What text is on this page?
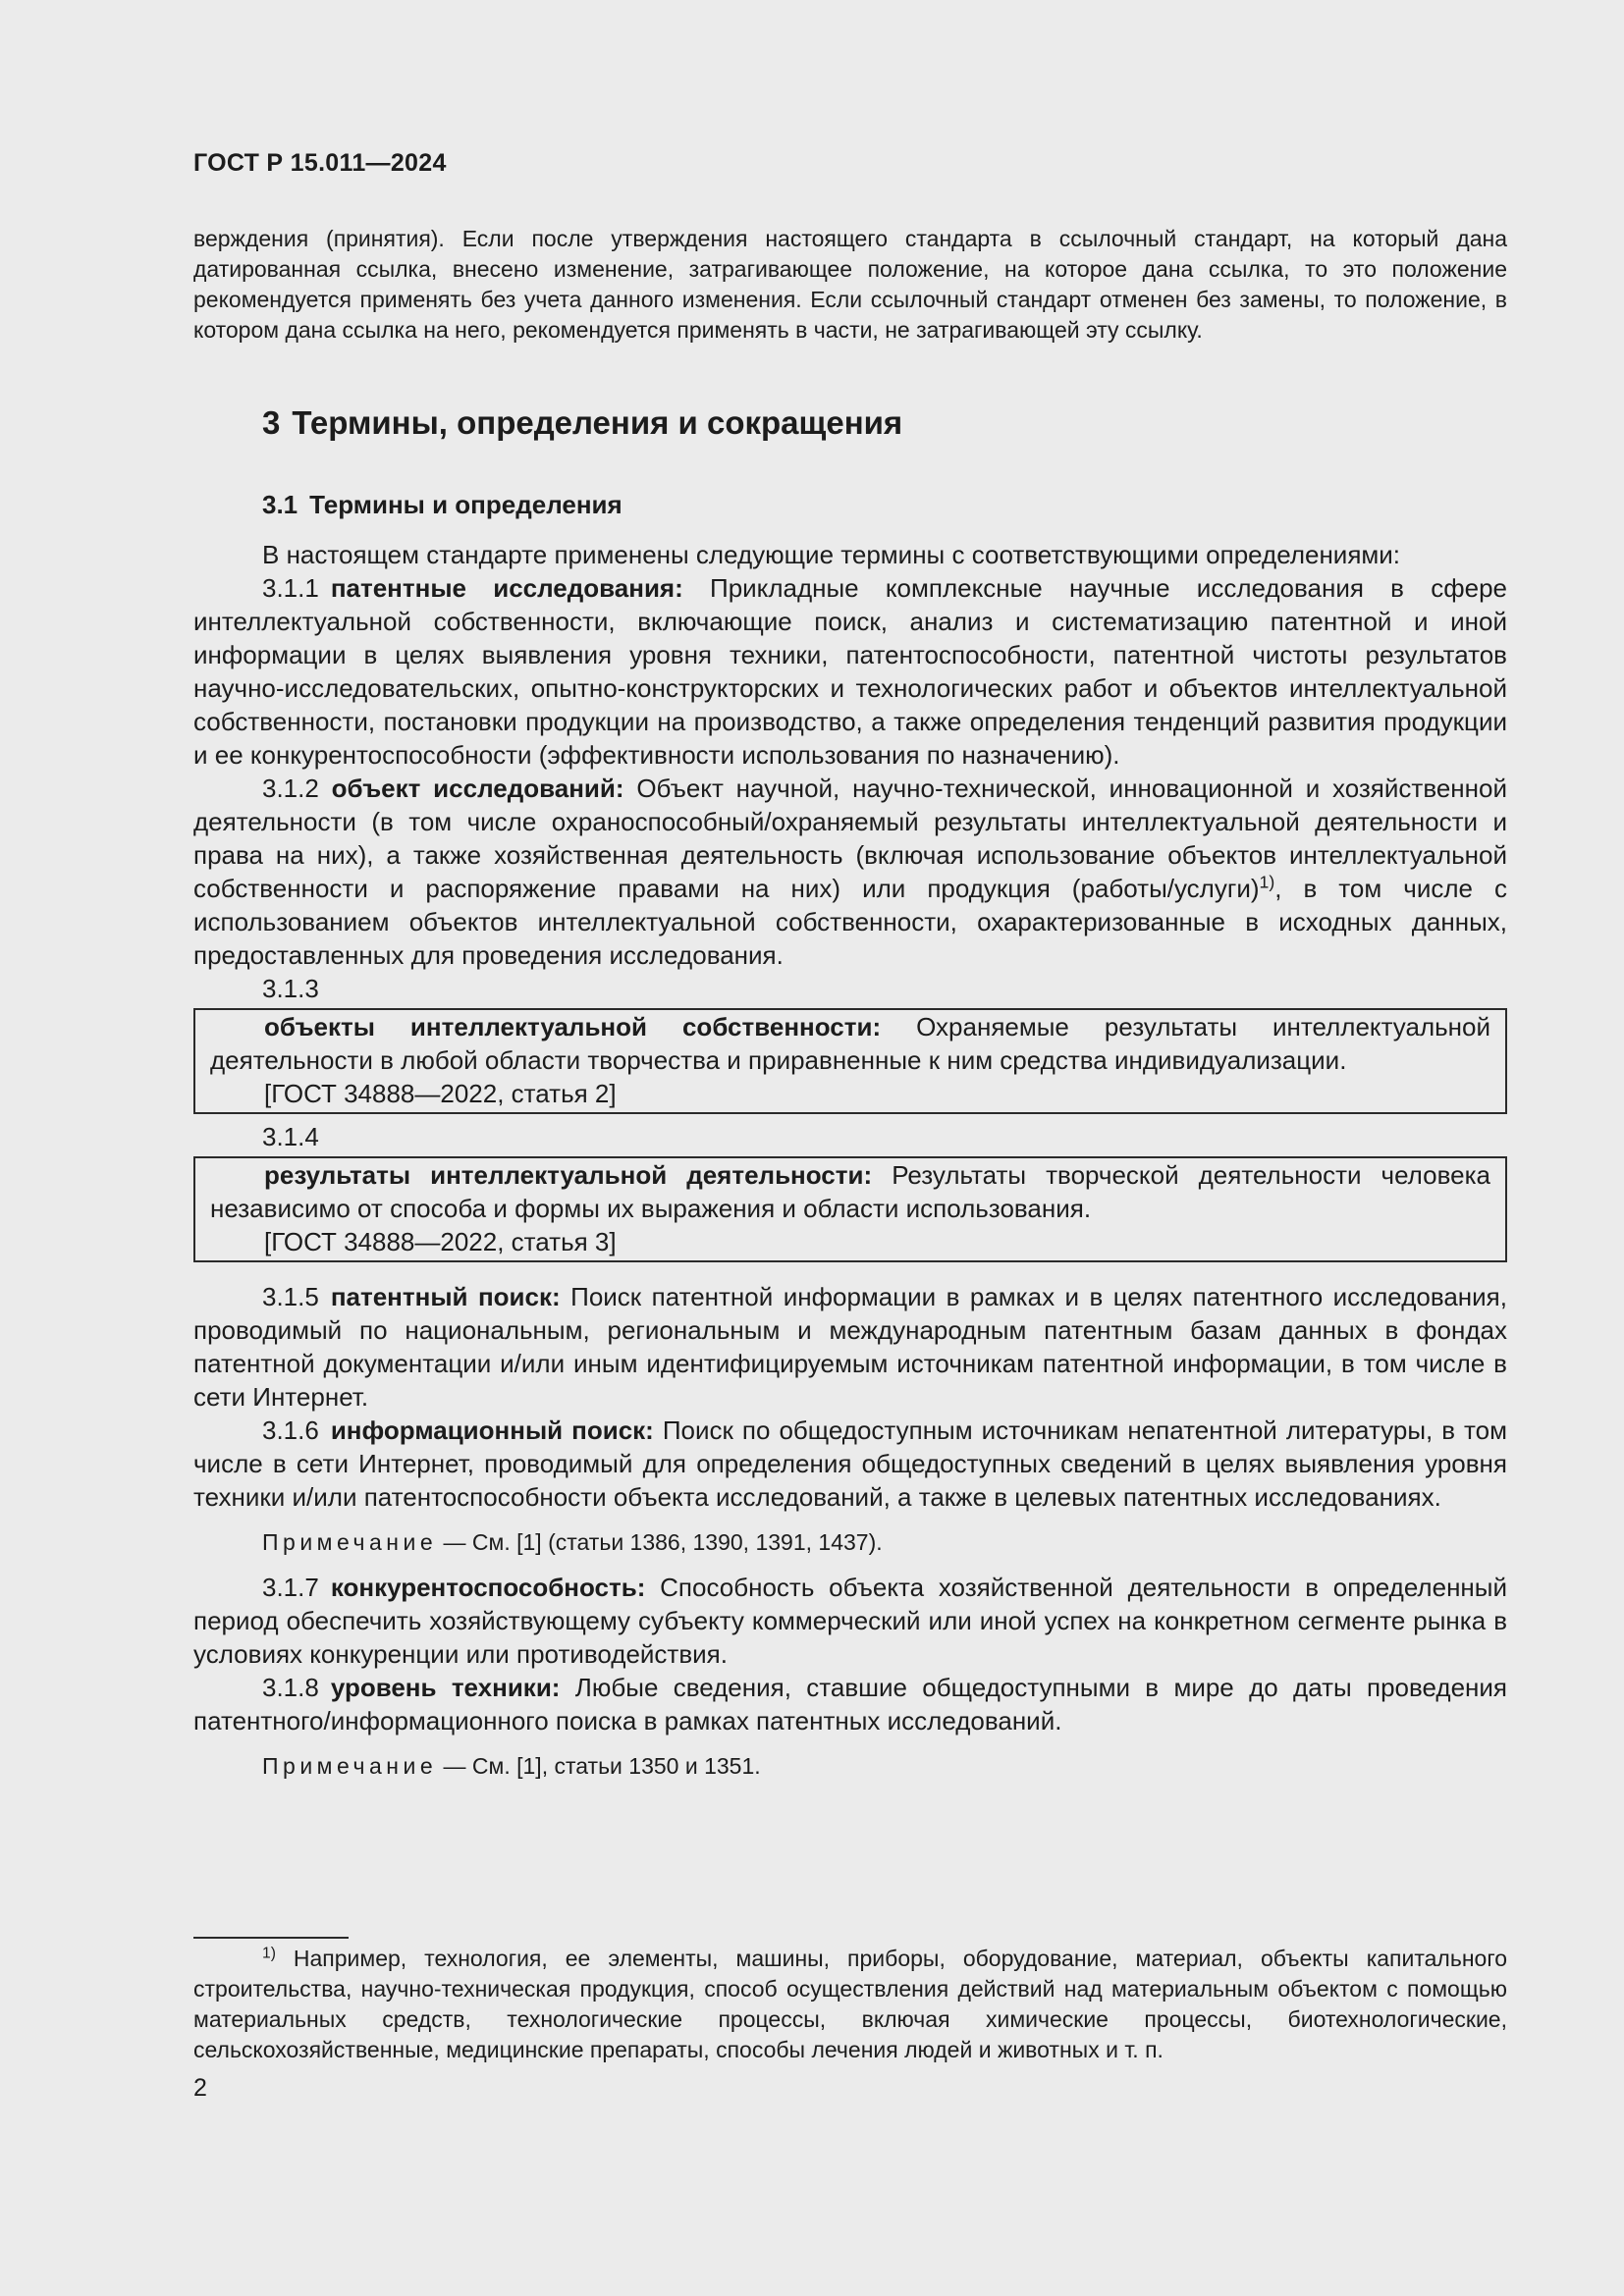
ГОСТ Р 15.011—2024

верждения (принятия). Если после утверждения настоящего стандарта в ссылочный стандарт, на который дана датированная ссылка, внесено изменение, затрагивающее положение, на которое дана ссылка, то это положение рекомендуется применять без учета данного изменения. Если ссылочный стандарт отменен без замены, то положение, в котором дана ссылка на него, рекомендуется применять в части, не затрагивающей эту ссылку.

3 Термины, определения и сокращения
3.1 Термины и определения

В настоящем стандарте применены следующие термины с соответствующими определениями:

3.1.1 патентные исследования: Прикладные комплексные научные исследования в сфере интеллектуальной собственности, включающие поиск, анализ и систематизацию патентной и иной информации в целях выявления уровня техники, патентоспособности, патентной чистоты результатов научно-исследовательских, опытно-конструкторских и технологических работ и объектов интеллектуальной собственности, постановки продукции на производство, а также определения тенденций развития продукции и ее конкурентоспособности (эффективности использования по назначению).

3.1.2 объект исследований: Объект научной, научно-технической, инновационной и хозяйственной деятельности (в том числе охраноспособный/охраняемый результаты интеллектуальной деятельности и права на них), а также хозяйственная деятельность (включая использование объектов интеллектуальной собственности и распоряжение правами на них) или продукция (работы/услуги)$^{1)}$, в том числе с использованием объектов интеллектуальной собственности, охарактеризованные в исходных данных, предоставленных для проведения исследования.

3.1.3

объекты интеллектуальной собственности: Охраняемые результаты интеллектуальной деятельности в любой области творчества и приравненные к ним средства индивидуализации.

[ГОСТ 34888—2022, статья 2]

3.1.4

результаты интеллектуальной деятельности: Результаты творческой деятельности человека независимо от способа и формы их выражения и области использования.

[ГОСТ 34888—2022, статья 3]

3.1.5 патентный поиск: Поиск патентной информации в рамках и в целях патентного исследования, проводимый по национальным, региональным и международным патентным базам данных в фондах патентной документации и/или иным идентифицируемым источникам патентной информации, в том числе в сети Интернет.

3.1.6 информационный поиск: Поиск по общедоступным источникам непатентной литературы, в том числе в сети Интернет, проводимый для определения общедоступных сведений в целях выявления уровня техники и/или патентоспособности объекта исследований, а также в целевых патентных исследованиях.

Примечание — См. [1] (статьи 1386, 1390, 1391, 1437).

3.1.7 конкурентоспособность: Способность объекта хозяйственной деятельности в определенный период обеспечить хозяйствующему субъекту коммерческий или иной успех на конкретном сегменте рынка в условиях конкуренции или противодействия.

3.1.8 уровень техники: Любые сведения, ставшие общедоступными в мире до даты проведения патентного/информационного поиска в рамках патентных исследований.

Примечание — См. [1], статьи 1350 и 1351.

$^{1)}$ Например, технология, ее элементы, машины, приборы, оборудование, материал, объекты капитального строительства, научно-техническая продукция, способ осуществления действий над материальным объектом с помощью материальных средств, технологические процессы, включая химические процессы, биотехнологические, сельскохозяйственные, медицинские препараты, способы лечения людей и животных и т. п.

2
